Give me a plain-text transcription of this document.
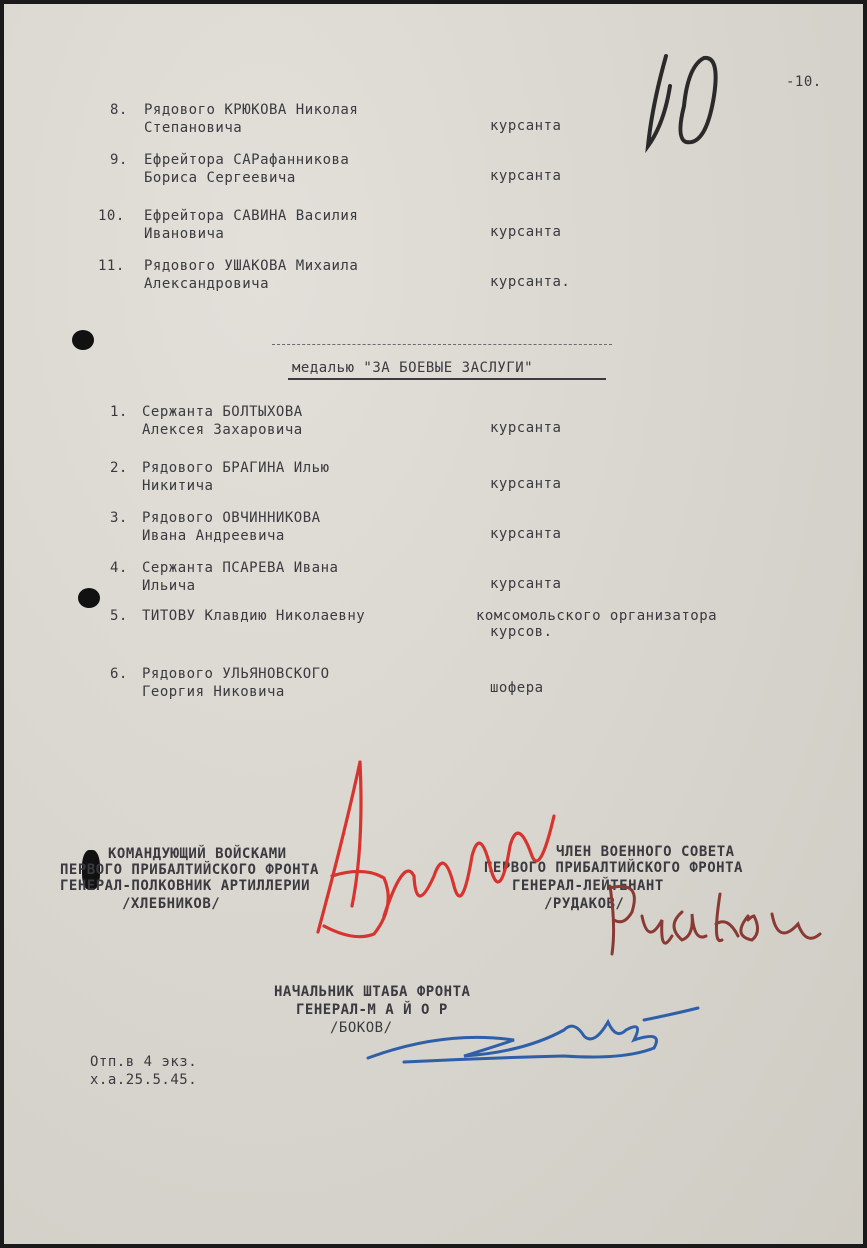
-10.
8. Рядового КРЮКОВА Николая
Степановича	курсанта
9. Ефрейтора САРафанникова
Бориса Сергеевича	курсанта
10. Ефрейтора САВИНА Василия
Ивановича	курсанта
11. Рядового УШАКОВА Михаила
Александровича	курсанта.
медалью "ЗА БОЕВЫЕ ЗАСЛУГИ"
1. Сержанта БОЛТЫХОВА
Алексея Захаровича	курсанта
2. Рядового БРАГИНА Илью
Никитича	курсанта
3. Рядового ОВЧИННИКОВА
Ивана Андреевича	курсанта
4. Сержанта ПСАРЕВА Ивана
Ильича	курсанта
5. ТИТОВУ Клавдию Николаевну	комсомольского организатора
курсов.
6. Рядового УЛЬЯНОВСКОГО
Георгия Никовича	шофера
КОМАНДУЮЩИЙ ВОЙСКАМИ
ПЕРВОГО ПРИБАЛТИЙСКОГО ФРОНТА
ГЕНЕРАЛ-ПОЛКОВНИК АРТИЛЛЕРИИ
/ХЛЕБНИКОВ/
ЧЛЕН ВОЕННОГО СОВЕТА
ПЕРВОГО ПРИБАЛТИЙСКОГО ФРОНТА
ГЕНЕРАЛ-ЛЕЙТЕНАНТ
/РУДАКОВ/
НАЧАЛЬНИК ШТАБА ФРОНТА
ГЕНЕРАЛ-М А Й О Р
/БОКОВ/
Отп.в 4 экз.
х.а.25.5.45.
